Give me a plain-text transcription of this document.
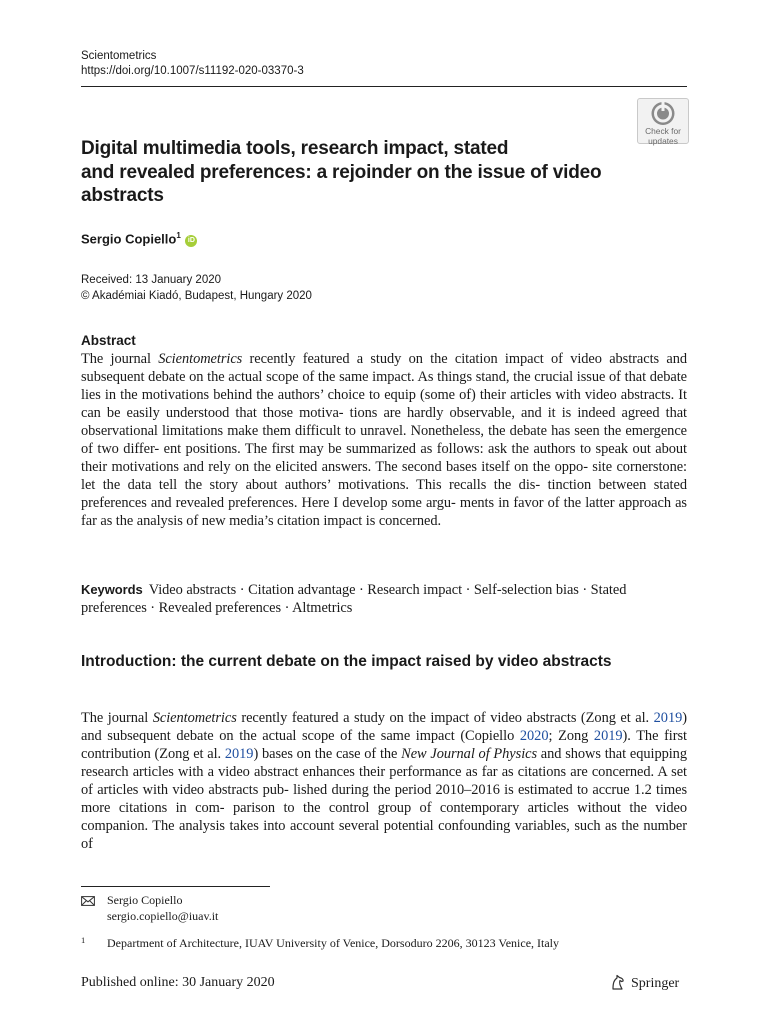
Scientometrics
https://doi.org/10.1007/s11192-020-03370-3
Check for
updates
Digital multimedia tools, research impact, stated
and revealed preferences: a rejoinder on the issue of video
abstracts
Sergio Copiello$^1$ iD
Received: 13 January 2020
© Akadémiai Kiadó, Budapest, Hungary 2020
Abstract

The journal Scientometrics recently featured a study on the citation impact of video abstracts and subsequent debate on the actual scope of the same impact. As things stand, the crucial issue of that debate lies in the motivations behind the authors’ choice to equip (some of) their articles with video abstracts. It can be easily understood that those motiva- tions are hardly observable, and it is indeed agreed that observational limitations make them difficult to unravel. Nonetheless, the debate has seen the emergence of two differ- ent positions. The first may be summarized as follows: ask the authors to speak out about their motivations and rely on the elicited answers. The second bases itself on the oppo- site cornerstone: let the data tell the story about authors’ motivations. This recalls the dis- tinction between stated preferences and revealed preferences. Here I develop some argu- ments in favor of the latter approach as far as the analysis of new media’s citation impact is concerned.

Keywords Video abstracts · Citation advantage · Research impact · Self-selection bias · Stated preferences · Revealed preferences · Altmetrics

Introduction: the current debate on the impact raised by video abstracts

The journal Scientometrics recently featured a study on the impact of video abstracts (Zong et al. 2019) and subsequent debate on the actual scope of the same impact (Copiello 2020; Zong 2019). The first contribution (Zong et al. 2019) bases on the case of the New Journal of Physics and shows that equipping research articles with a video abstract enhances their performance as far as citations are concerned. A set of articles with video abstracts pub- lished during the period 2010–2016 is estimated to accrue 1.2 times more citations in com- parison to the control group of contemporary articles without the video companion. The analysis takes into account several potential confounding variables, such as the number of

Sergio Copiello
sergio.copiello@iuav.it
1 Department of Architecture, IUAV University of Venice, Dorsoduro 2206, 30123 Venice, Italy
Published online: 30 January 2020	Springer
